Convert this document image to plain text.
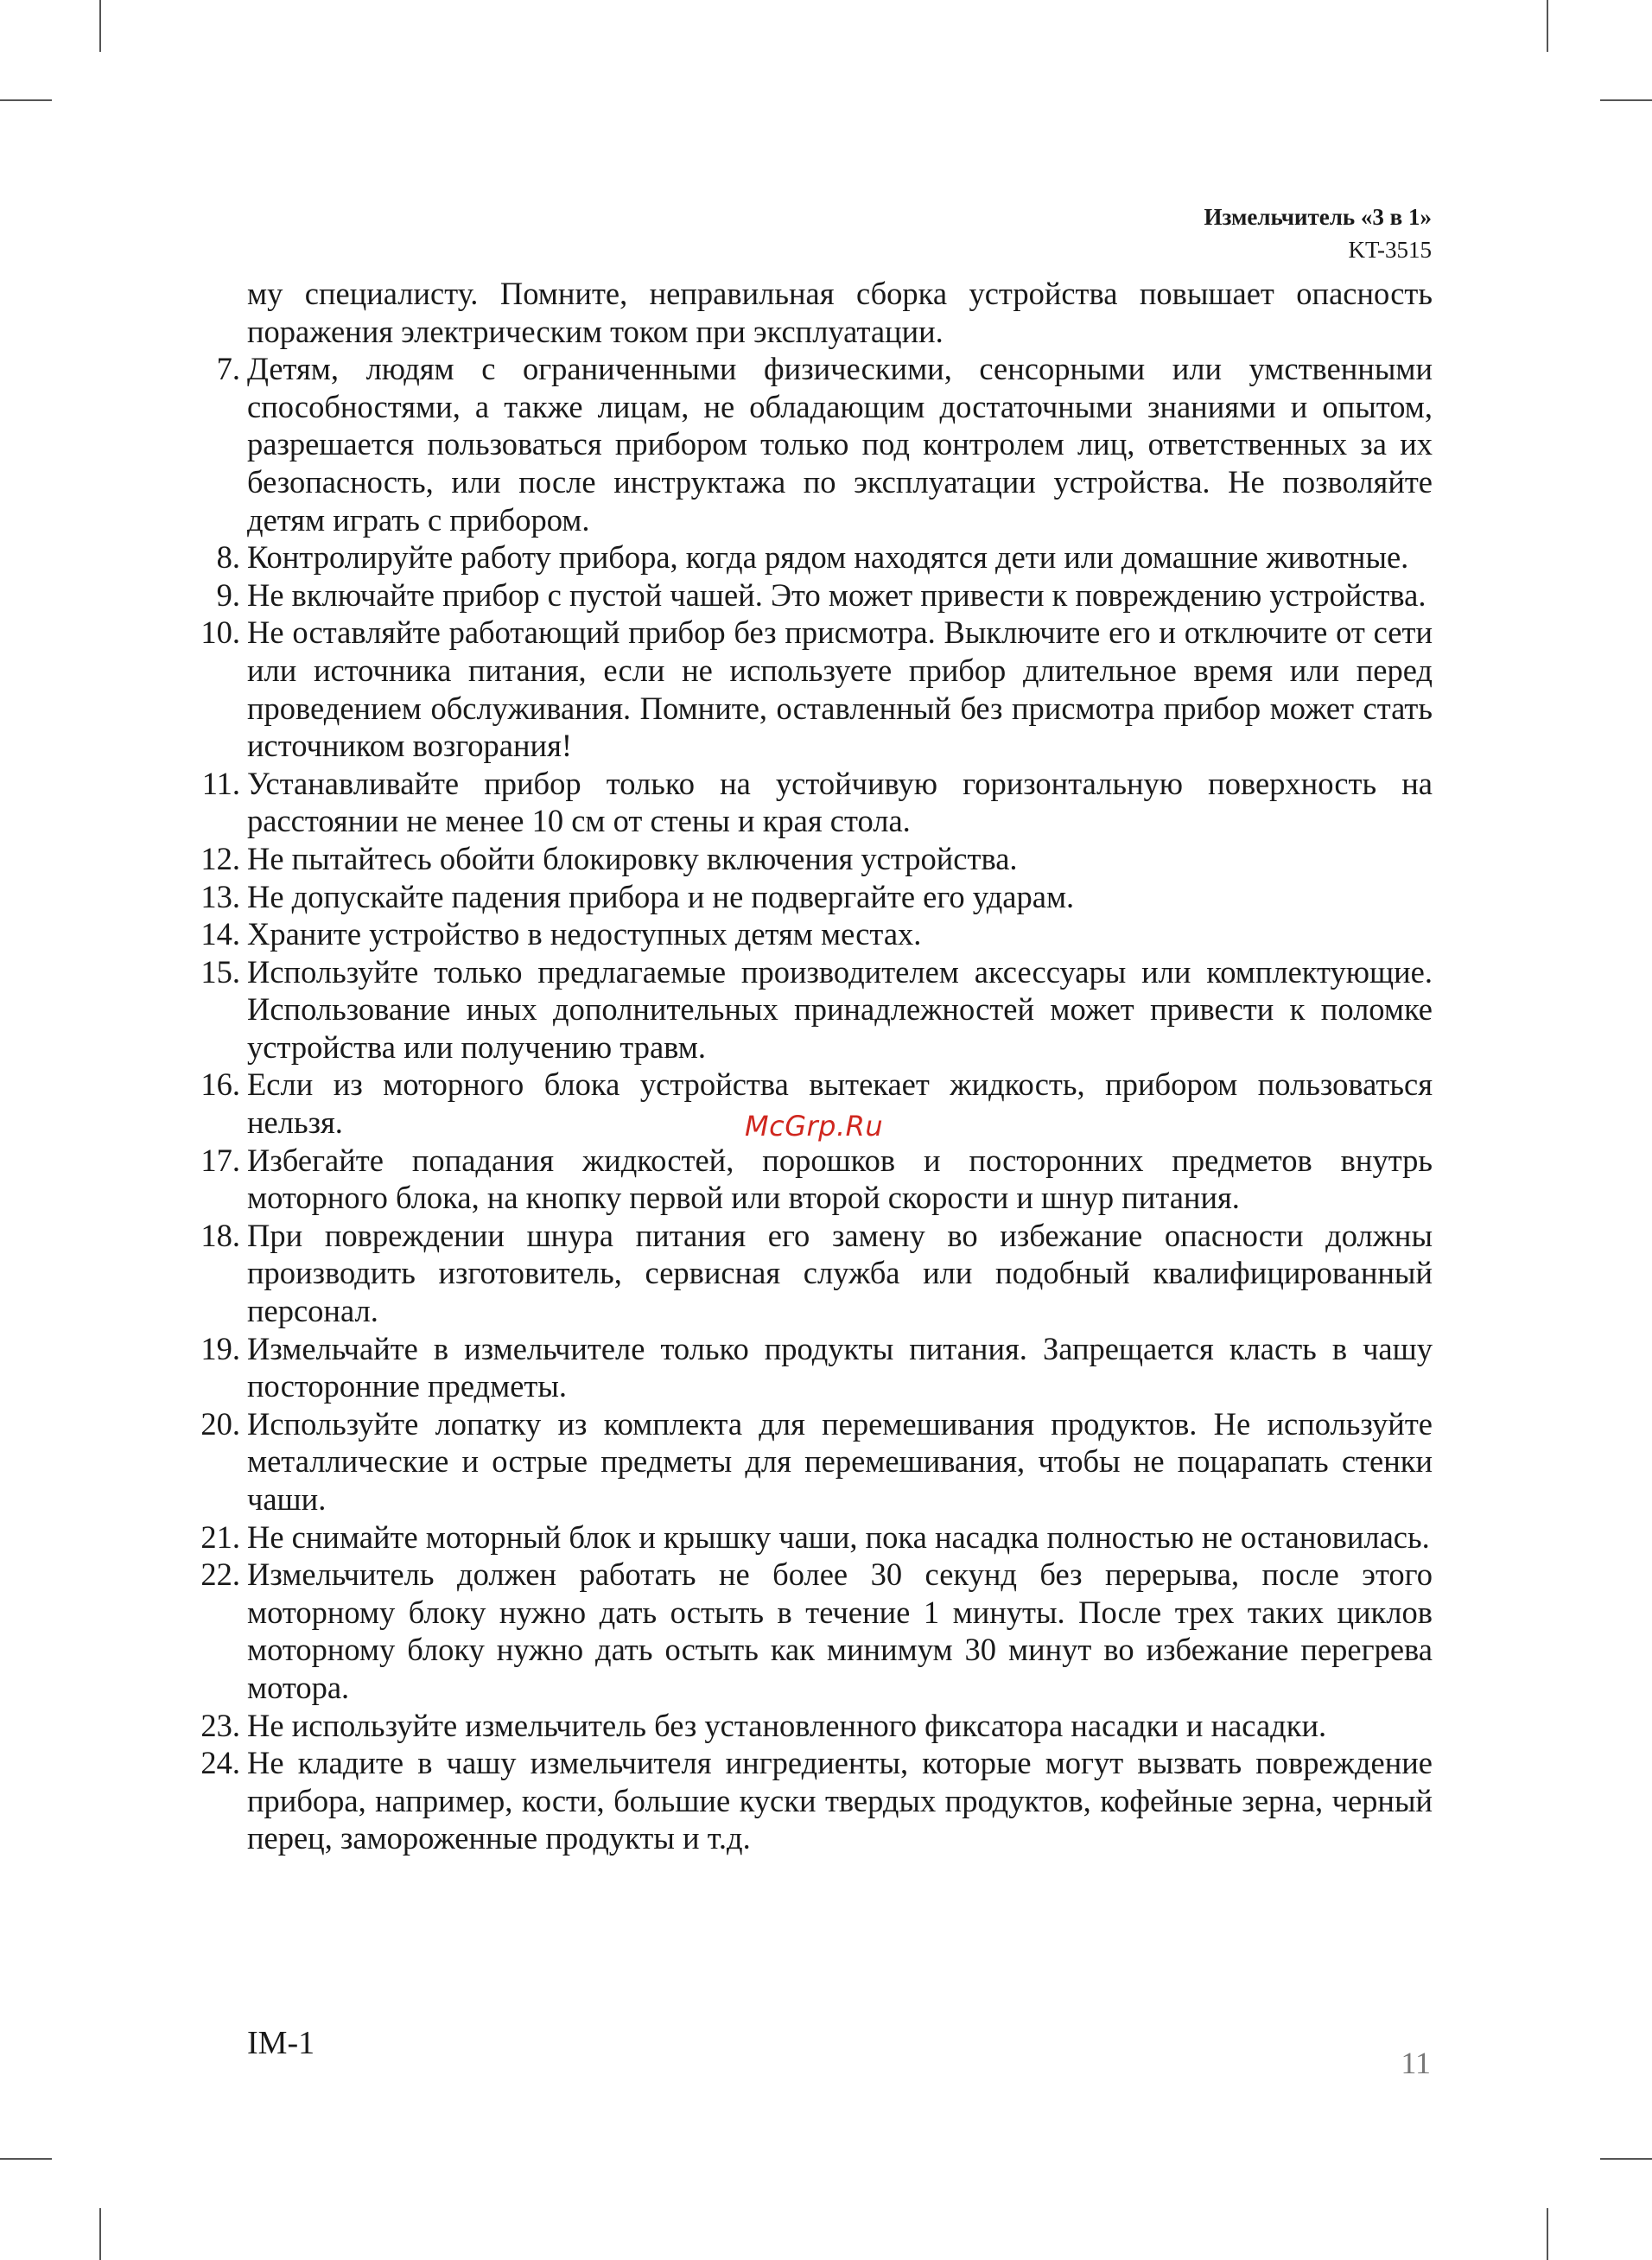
Измельчитель «3 в 1»
KT-3515
му специалисту. Помните, неправильная сборка устройства повышает опасность поражения электрическим током при эксплуатации.
7. Детям, людям с ограниченными физическими, сенсорными или умственными способностями, а также лицам, не обладающим достаточными знаниями и опытом, разрешается пользоваться прибором только под контролем лиц, ответственных за их безопасность, или после инструктажа по эксплуатации устройства. Не позволяйте детям играть с прибором.
8. Контролируйте работу прибора, когда рядом находятся дети или домашние животные.
9. Не включайте прибор с пустой чашей. Это может привести к повреждению устройства.
10. Не оставляйте работающий прибор без присмотра. Выключите его и отключите от сети или источника питания, если не используете прибор длительное время или перед проведением обслуживания. Помните, оставленный без присмотра прибор может стать источником возгорания!
11. Устанавливайте прибор только на устойчивую горизонтальную поверхность на расстоянии не менее 10 см от стены и края стола.
12. Не пытайтесь обойти блокировку включения устройства.
13. Не допускайте падения прибора и не подвергайте его ударам.
14. Храните устройство в недоступных детям местах.
15. Используйте только предлагаемые производителем аксессуары или комплектующие. Использование иных дополнительных принадлежностей может привести к поломке устройства или получению травм.
16. Если из моторного блока устройства вытекает жидкость, прибором пользоваться нельзя.
17. Избегайте попадания жидкостей, порошков и посторонних предметов внутрь моторного блока, на кнопку первой или второй скорости и шнур питания.
18. При повреждении шнура питания его замену во избежание опасности должны производить изготовитель, сервисная служба или подобный квалифицированный персонал.
19. Измельчайте в измельчителе только продукты питания. Запрещается класть в чашу посторонние предметы.
20. Используйте лопатку из комплекта для перемешивания продуктов. Не используйте металлические и острые предметы для перемешивания, чтобы не поцарапать стенки чаши.
21. Не снимайте моторный блок и крышку чаши, пока насадка полностью не остановилась.
22. Измельчитель должен работать не более 30 секунд без перерыва, после этого моторному блоку нужно дать остыть в течение 1 минуты. После трех таких циклов моторному блоку нужно дать остыть как минимум 30 минут во избежание перегрева мотора.
23. Не используйте измельчитель без установленного фиксатора насадки и насадки.
24. Не кладите в чашу измельчителя ингредиенты, которые могут вызвать повреждение прибора, например, кости, большие куски твердых продуктов, кофейные зерна, черный перец, замороженные продукты и т.д.
McGrp.Ru
IM-1
11
